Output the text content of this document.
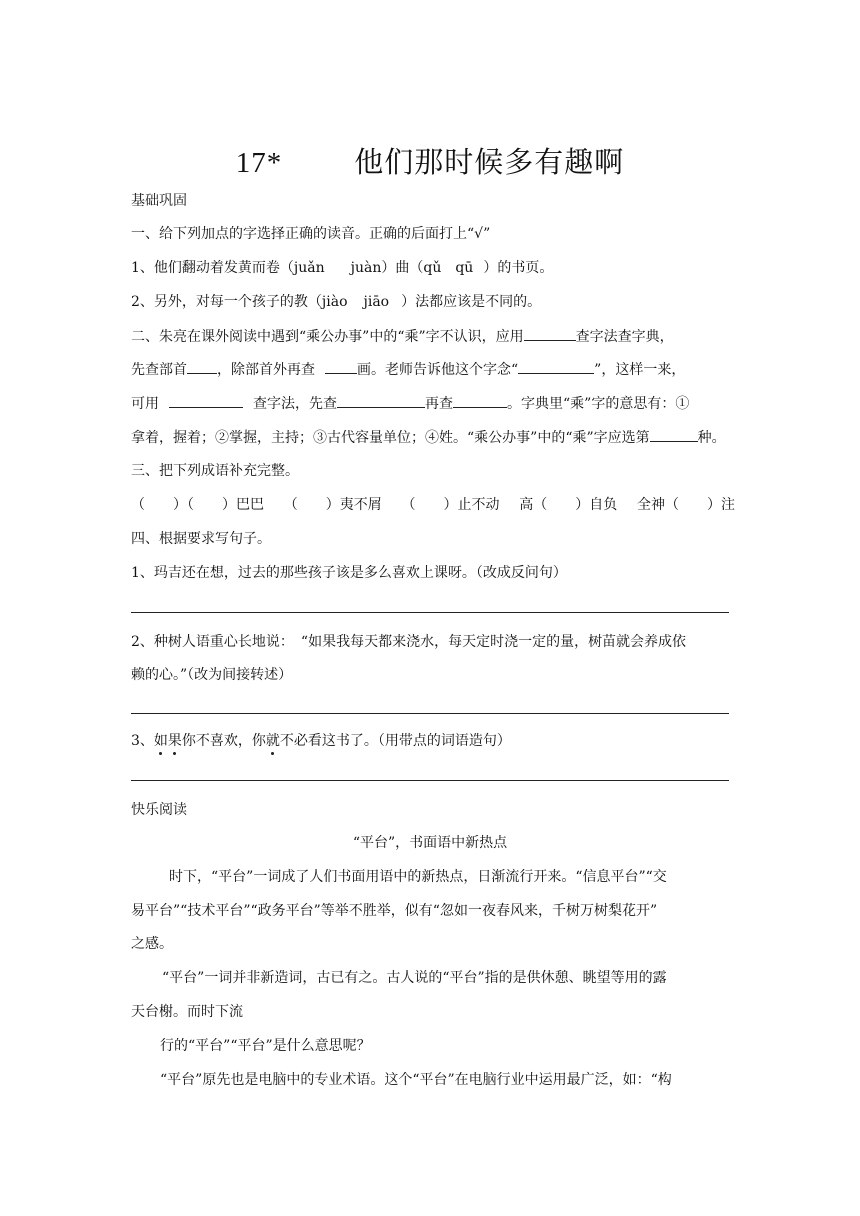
17* 他们那时候多有趣啊
基础巩固
一、给下列加点的字选择正确的读音。正确的后面打上“√”
1、他们翻动着发黄而卷（juǎn juàn）曲（qǔ qū ）的书页。
2、另外，对每一个孩子的教（jiào jiāo ）法都应该是不同的。
二、朱亮在课外阅读中遇到“乘公办事”中的“乘”字不认识，应用	查字法查字典，
先查部首 ，除部首外再查	画。老师告诉他这个字念“	”，这样一来，
可用	查字法，先查	再查	。字典里“乘”字的意思有：①
拿着，握着；②掌握，主持；③古代容量单位；④姓。“乘公办事”中的“乘”字应选第	种。
三、把下列成语补充完整。
（　　）（　　）巴巴 （　　）夷不屑 （　　）止不动 高（　　）自负 全神（　　）注
四、根据要求写句子。
1、玛吉还在想，过去的那些孩子该是多么喜欢上课呀。（改成反问句）
2、种树人语重心长地说：　“如果我每天都来浇水，每天定时浇一定的量，树苗就会养成依
赖的心。”（改为间接转述）
3、如果你不喜欢，你就不必看这书了。（用带点的词语造句）
快乐阅读
“平台”，书面语中新热点
时下，“平台”一词成了人们书面用语中的新热点，日渐流行开来。“信息平台”“交
易平台”“技术平台”“政务平台”等举不胜举，似有“忽如一夜春风来，千树万树梨花开”
之感。
“平台”一词并非新造词，古已有之。古人说的“平台”指的是供休憩、眺望等用的露
天台榭。而时下流
行的“平台”“平台”是什么意思呢？
“平台”原先也是电脑中的专业术语。这个“平台”在电脑行业中运用最广泛，如：“构
